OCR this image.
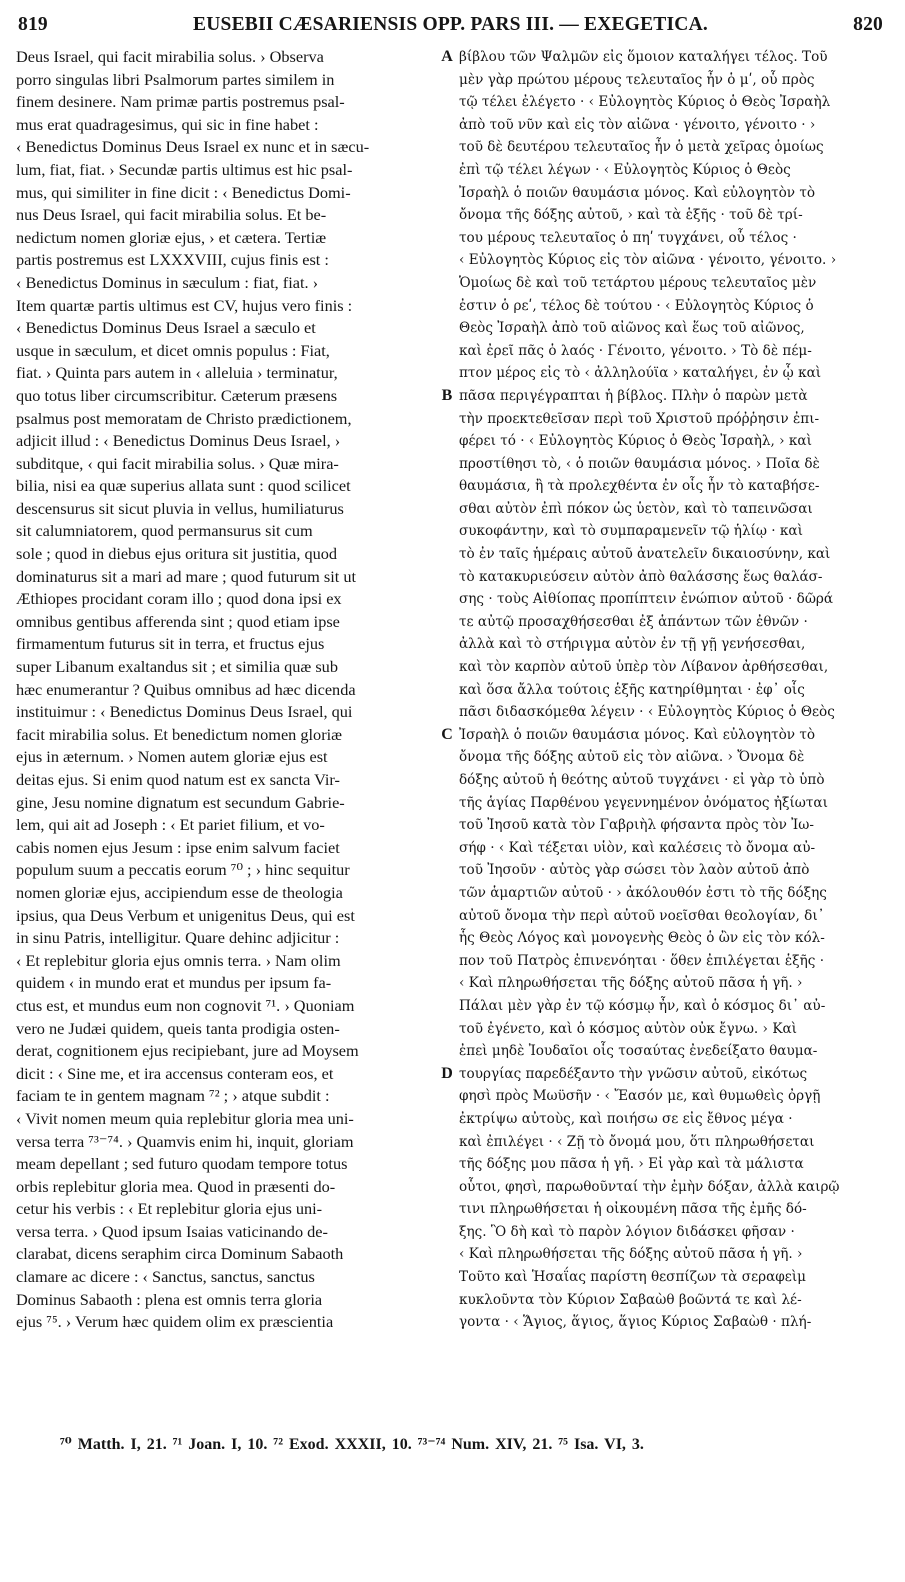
819	EUSEBII CÆSARIENSIS OPP. PARS III. — EXEGETICA.	820
Deus Israel, qui facit mirabilia solus. › Observa
porro singulas libri Psalmorum partes similem in
finem desinere. Nam primæ partis postremus psal-
mus erat quadragesimus, qui sic in fine habet :
‹ Benedictus Dominus Deus Israel ex nunc et in sæcu-
lum, fiat, fiat. › Secundæ partis ultimus est hic psal-
mus, qui similiter in fine dicit : ‹ Benedictus Domi-
nus Deus Israel, qui facit mirabilia solus. Et be-
nedictum nomen gloriæ ejus, › et cætera. Tertiæ
partis postremus est LXXXVIII, cujus finis est :
‹ Benedictus Dominus in sæculum : fiat, fiat. ›
Item quartæ partis ultimus est CV, hujus vero finis :
‹ Benedictus Dominus Deus Israel a sæculo et
usque in sæculum, et dicet omnis populus : Fiat,
fiat. › Quinta pars autem in ‹ alleluia › terminatur,
quo totus liber circumscribitur. Cæterum præsens
psalmus post memoratam de Christo prædictionem,
adjicit illud : ‹ Benedictus Dominus Deus Israel, ›
subditque, ‹ qui facit mirabilia solus. › Quæ mira-
bilia, nisi ea quæ superius allata sunt : quod scilicet
descensurus sit sicut pluvia in vellus, humiliaturus
sit calumniatorem, quod permansurus sit cum
sole ; quod in diebus ejus oritura sit justitia, quod
dominaturus sit a mari ad mare ; quod futurum sit ut
Æthiopes procidant coram illo ; quod dona ipsi ex
omnibus gentibus afferenda sint ; quod etiam ipse
firmamentum futurus sit in terra, et fructus ejus
super Libanum exaltandus sit ; et similia quæ sub
hæc enumerantur ? Quibus omnibus ad hæc dicenda
instituimur : ‹ Benedictus Dominus Deus Israel, qui
facit mirabilia solus. Et benedictum nomen gloriæ
ejus in æternum. › Nomen autem gloriæ ejus est
deitas ejus. Si enim quod natum est ex sancta Vir-
gine, Jesu nomine dignatum est secundum Gabrie-
lem, qui ait ad Joseph : ‹ Et pariet filium, et vo-
cabis nomen ejus Jesum : ipse enim salvum faciet
populum suum a peccatis eorum ⁷⁰ ; › hinc sequitur
nomen gloriæ ejus, accipiendum esse de theologia
ipsius, qua Deus Verbum et unigenitus Deus, qui est
in sinu Patris, intelligitur. Quare dehinc adjicitur :
‹ Et replebitur gloria ejus omnis terra. › Nam olim
quidem ‹ in mundo erat et mundus per ipsum fa-
ctus est, et mundus eum non cognovit ⁷¹. › Quoniam
vero ne Judæi quidem, queis tanta prodigia osten-
derat, cognitionem ejus recipiebant, jure ad Moysem
dicit : ‹ Sine me, et ira accensus conteram eos, et
faciam te in gentem magnam ⁷² ; › atque subdit :
‹ Vivit nomen meum quia replebitur gloria mea uni-
versa terra ⁷³⁻⁷⁴. › Quamvis enim hi, inquit, gloriam
meam depellant ; sed futuro quodam tempore totus
orbis replebitur gloria mea. Quod in præsenti do-
cetur his verbis : ‹ Et replebitur gloria ejus uni-
versa terra. › Quod ipsum Isaias vaticinando de-
clarabat, dicens seraphim circa Dominum Sabaoth
clamare ac dicere : ‹ Sanctus, sanctus, sanctus
Dominus Sabaoth : plena est omnis terra gloria
ejus ⁷⁵. › Verum hæc quidem olim ex præscientia
A
B
C
D
βίβλου τῶν Ψαλμῶν εἰς ὅμοιον καταλήγει τέλος. Τοῦ
μὲν γὰρ πρώτου μέρους τελευταῖος ἦν ὁ μʹ, οὗ πρὸς
τῷ τέλει ἐλέγετο · ‹ Εὐλογητὸς Κύριος ὁ Θεὸς Ἰσραὴλ
ἀπὸ τοῦ νῦν καὶ εἰς τὸν αἰῶνα · γένοιτο, γένοιτο · ›
τοῦ δὲ δευτέρου τελευταῖος ἦν ὁ μετὰ χεῖρας ὁμοίως
ἐπὶ τῷ τέλει λέγων · ‹ Εὐλογητὸς Κύριος ὁ Θεὸς
Ἰσραὴλ ὁ ποιῶν θαυμάσια μόνος. Καὶ εὐλογητὸν τὸ
ὄνομα τῆς δόξης αὐτοῦ, › καὶ τὰ ἑξῆς · τοῦ δὲ τρί-
του μέρους τελευταῖος ὁ πηʹ τυγχάνει, οὗ τέλος ·
‹ Εὐλογητὸς Κύριος εἰς τὸν αἰῶνα · γένοιτο, γένοιτο. ›
Ὁμοίως δὲ καὶ τοῦ τετάρτου μέρους τελευταῖος μὲν
ἐστιν ὁ ρεʹ, τέλος δὲ τούτου · ‹ Εὐλογητὸς Κύριος ὁ
Θεὸς Ἰσραὴλ ἀπὸ τοῦ αἰῶνος καὶ ἕως τοῦ αἰῶνος,
καὶ ἐρεῖ πᾶς ὁ λαός · Γένοιτο, γένοιτο. › Τὸ δὲ πέμ-
πτον μέρος εἰς τὸ ‹ ἀλληλούϊα › καταλήγει, ἐν ᾧ καὶ
πᾶσα περιγέγραπται ἡ βίβλος. Πλὴν ὁ παρὼν μετὰ
τὴν προεκτεθεῖσαν περὶ τοῦ Χριστοῦ πρόῤῥησιν ἐπι-
φέρει τό · ‹ Εὐλογητὸς Κύριος ὁ Θεὸς Ἰσραὴλ, › καὶ
προστίθησι τὸ, ‹ ὁ ποιῶν θαυμάσια μόνος. › Ποῖα δὲ
θαυμάσια, ἢ τὰ προλεχθέντα ἐν οἷς ἦν τὸ καταβήσε-
σθαι αὐτὸν ἐπὶ πόκον ὡς ὑετὸν, καὶ τὸ ταπεινῶσαι
συκοφάντην, καὶ τὸ συμπαραμενεῖν τῷ ἡλίῳ · καὶ
τὸ ἐν ταῖς ἡμέραις αὐτοῦ ἀνατελεῖν δικαιοσύνην, καὶ
τὸ κατακυριεύσειν αὐτὸν ἀπὸ θαλάσσης ἕως θαλάσ-
σης · τοὺς Αἰθίοπας προπίπτειν ἐνώπιον αὐτοῦ · δῶρά
τε αὐτῷ προσαχθήσεσθαι ἐξ ἁπάντων τῶν ἐθνῶν ·
ἀλλὰ καὶ τὸ στήριγμα αὐτὸν ἐν τῇ γῇ γενήσεσθαι,
καὶ τὸν καρπὸν αὐτοῦ ὑπὲρ τὸν Λίβανον ἀρθήσεσθαι,
καὶ ὅσα ἄλλα τούτοις ἑξῆς κατηρίθμηται · ἐφ᾽ οἷς
πᾶσι διδασκόμεθα λέγειν · ‹ Εὐλογητὸς Κύριος ὁ Θεὸς
Ἰσραὴλ ὁ ποιῶν θαυμάσια μόνος. Καὶ εὐλογητὸν τὸ
ὄνομα τῆς δόξης αὐτοῦ εἰς τὸν αἰῶνα. › Ὄνομα δὲ
δόξης αὐτοῦ ἡ θεότης αὐτοῦ τυγχάνει · εἰ γὰρ τὸ ὑπὸ
τῆς ἁγίας Παρθένου γεγεννημένον ὀνόματος ἠξίωται
τοῦ Ἰησοῦ κατὰ τὸν Γαβριὴλ φήσαντα πρὸς τὸν Ἰω-
σήφ · ‹ Καὶ τέξεται υἱὸν, καὶ καλέσεις τὸ ὄνομα αὐ-
τοῦ Ἰησοῦν · αὐτὸς γὰρ σώσει τὸν λαὸν αὐτοῦ ἀπὸ
τῶν ἁμαρτιῶν αὐτοῦ · › ἀκόλουθόν ἐστι τὸ τῆς δόξης
αὐτοῦ ὄνομα τὴν περὶ αὐτοῦ νοεῖσθαι θεολογίαν, δι᾽
ἧς Θεὸς Λόγος καὶ μονογενὴς Θεὸς ὁ ὢν εἰς τὸν κόλ-
πον τοῦ Πατρὸς ἐπινενόηται · ὅθεν ἐπιλέγεται ἑξῆς ·
‹ Καὶ πληρωθήσεται τῆς δόξης αὐτοῦ πᾶσα ἡ γῆ. ›
Πάλαι μὲν γὰρ ἐν τῷ κόσμῳ ἦν, καὶ ὁ κόσμος δι᾽ αὐ-
τοῦ ἐγένετο, καὶ ὁ κόσμος αὐτὸν οὐκ ἔγνω. › Καὶ
ἐπεὶ μηδὲ Ἰουδαῖοι οἷς τοσαύτας ἐνεδείξατο θαυμα-
τουργίας παρεδέξαντο τὴν γνῶσιν αὐτοῦ, εἰκότως
φησὶ πρὸς Μωϋσῆν · ‹ Ἔασόν με, καὶ θυμωθεὶς ὀργῇ
ἐκτρίψω αὐτοὺς, καὶ ποιήσω σε εἰς ἔθνος μέγα ·
καὶ ἐπιλέγει · ‹ Ζῇ τὸ ὄνομά μου, ὅτι πληρωθήσεται
τῆς δόξης μου πᾶσα ἡ γῆ. › Εἰ γὰρ καὶ τὰ μάλιστα
οὗτοι, φησὶ, παρωθοῦνταί τὴν ἐμὴν δόξαν, ἀλλὰ καιρῷ
τινι πληρωθήσεται ἡ οἰκουμένη πᾶσα τῆς ἐμῆς δό-
ξης. Ὃ δὴ καὶ τὸ παρὸν λόγιον διδάσκει φῆσαν ·
‹ Καὶ πληρωθήσεται τῆς δόξης αὐτοῦ πᾶσα ἡ γῆ. ›
Τοῦτο καὶ Ἡσαΐας παρίστη θεσπίζων τὰ σεραφεὶμ
κυκλοῦντα τὸν Κύριον Σαβαὼθ βοῶντά τε καὶ λέ-
γοντα · ‹ Ἅγιος, ἅγιος, ἅγιος Κύριος Σαβαὼθ · πλή-
⁷⁰ Matth. I, 21. ⁷¹ Joan. I, 10. ⁷² Exod. XXXII, 10. ⁷³⁻⁷⁴ Num. XIV, 21. ⁷⁵ Isa. VI, 3.
